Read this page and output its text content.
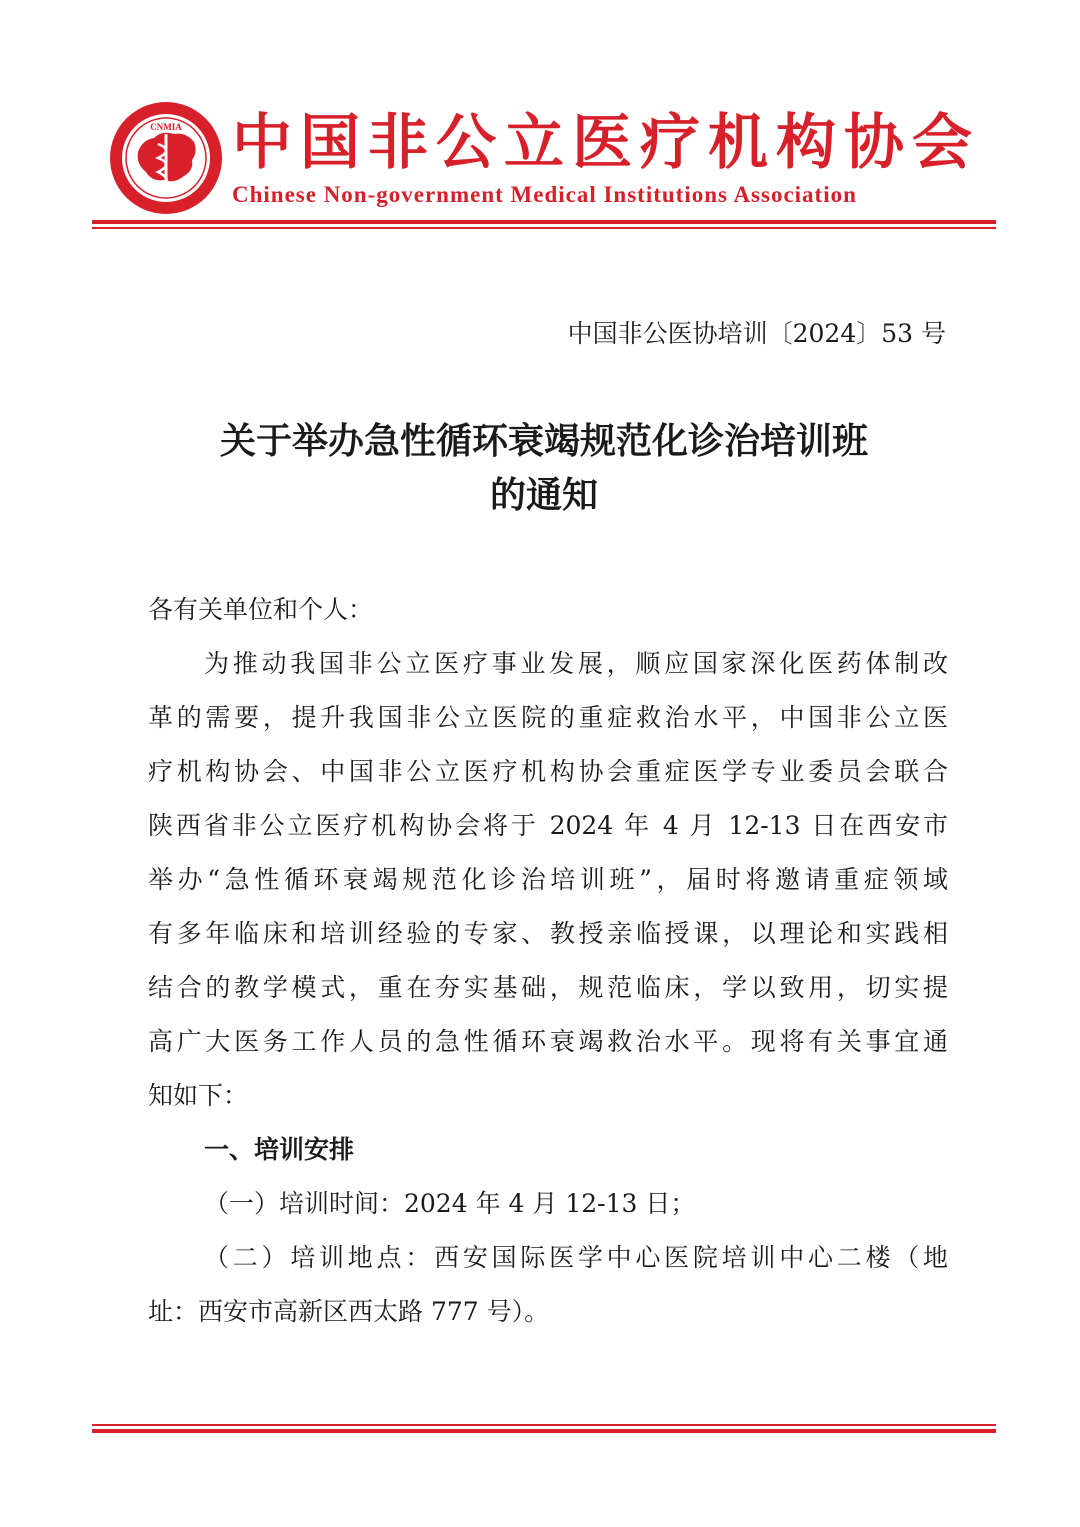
CNMIA 中国非公立医疗机构协会
Chinese Non-government Medical Institutions Association
中国非公医协培训〔2024〕53 号
关于举办急性循环衰竭规范化诊治培训班
的通知
各有关单位和个人：
为推动我国非公立医疗事业发展，顺应国家深化医药体制改
革的需要，提升我国非公立医院的重症救治水平，中国非公立医
疗机构协会、中国非公立医疗机构协会重症医学专业委员会联合
陕西省非公立医疗机构协会将于 2024 年 4 月 12-13 日在西安市
举办“急性循环衰竭规范化诊治培训班”，届时将邀请重症领域
有多年临床和培训经验的专家、教授亲临授课，以理论和实践相
结合的教学模式，重在夯实基础，规范临床，学以致用，切实提
高广大医务工作人员的急性循环衰竭救治水平。现将有关事宜通
知如下：
一、培训安排
（一）培训时间：2024 年 4 月 12-13 日；
（二）培训地点：西安国际医学中心医院培训中心二楼（地
址：西安市高新区西太路 777 号）。
